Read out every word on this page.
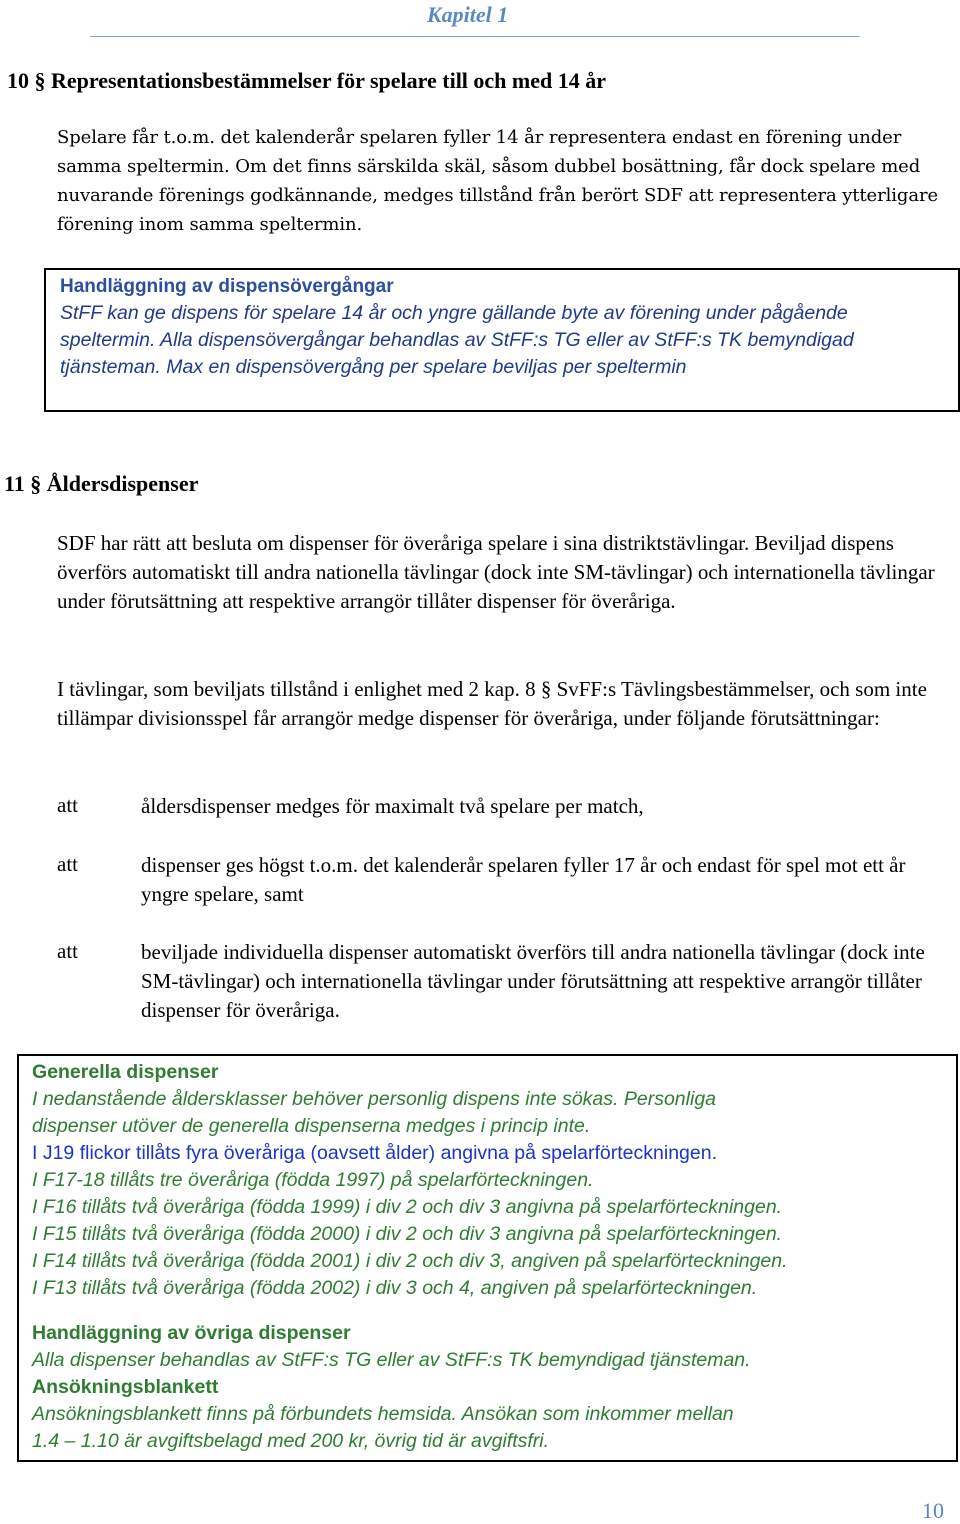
Kapitel 1
10 § Representationsbestämmelser för spelare till och med 14 år
Spelare får t.o.m. det kalenderår spelaren fyller 14 år representera endast en förening under samma speltermin. Om det finns särskilda skäl, såsom dubbel bosättning, får dock spelare med nuvarande förenings godkännande, medges tillstånd från berört SDF att representera ytterligare förening inom samma speltermin.
Handläggning av dispensövergångar
StFF kan ge dispens för spelare 14 år och yngre gällande byte av förening under pågående speltermin. Alla dispensövergångar behandlas av StFF:s TG eller av StFF:s TK bemyndigad tjänsteman. Max en dispensövergång per spelare beviljas per speltermin
11 § Åldersdispenser
SDF har rätt att besluta om dispenser för överåriga spelare i sina distriktstävlingar. Beviljad dispens överförs automatiskt till andra nationella tävlingar (dock inte SM-tävlingar) och internationella tävlingar under förutsättning att respektive arrangör tillåter dispenser för överåriga.
I tävlingar, som beviljats tillstånd i enlighet med 2 kap. 8 § SvFF:s Tävlingsbestämmelser, och som inte tillämpar divisionsspel får arrangör medge dispenser för överåriga, under följande förutsättningar:
att	åldersdispenser medges för maximalt två spelare per match,
att	dispenser ges högst t.o.m. det kalenderår spelaren fyller 17 år och endast för spel mot ett år yngre spelare, samt
att	beviljade individuella dispenser automatiskt överförs till andra nationella tävlingar (dock inte SM-tävlingar) och internationella tävlingar under förutsättning att respektive arrangör tillåter dispenser för överåriga.
Generella dispenser
I nedanstående åldersklasser behöver personlig dispens inte sökas. Personliga
dispenser utöver de generella dispenserna medges i princip inte.
I J19 flickor tillåts fyra överåriga (oavsett ålder) angivna på spelarförteckningen.
I F17-18 tillåts tre överåriga (födda 1997) på spelarförteckningen.
I F16 tillåts två överåriga (födda 1999) i div 2 och div 3 angivna på spelarförteckningen.
I F15 tillåts två överåriga (födda 2000) i div 2 och div 3 angivna på spelarförteckningen.
I F14 tillåts två överåriga (födda 2001) i div 2 och div 3, angiven på spelarförteckningen.
I F13 tillåts två överåriga (födda 2002) i div 3 och 4, angiven på spelarförteckningen.
Handläggning av övriga dispenser
Alla dispenser behandlas av StFF:s TG eller av StFF:s TK bemyndigad tjänsteman.
Ansökningsblankett
Ansökningsblankett finns på förbundets hemsida. Ansökan som inkommer mellan
1.4 – 1.10 är avgiftsbelagd med 200 kr, övrig tid är avgiftsfri.
10
